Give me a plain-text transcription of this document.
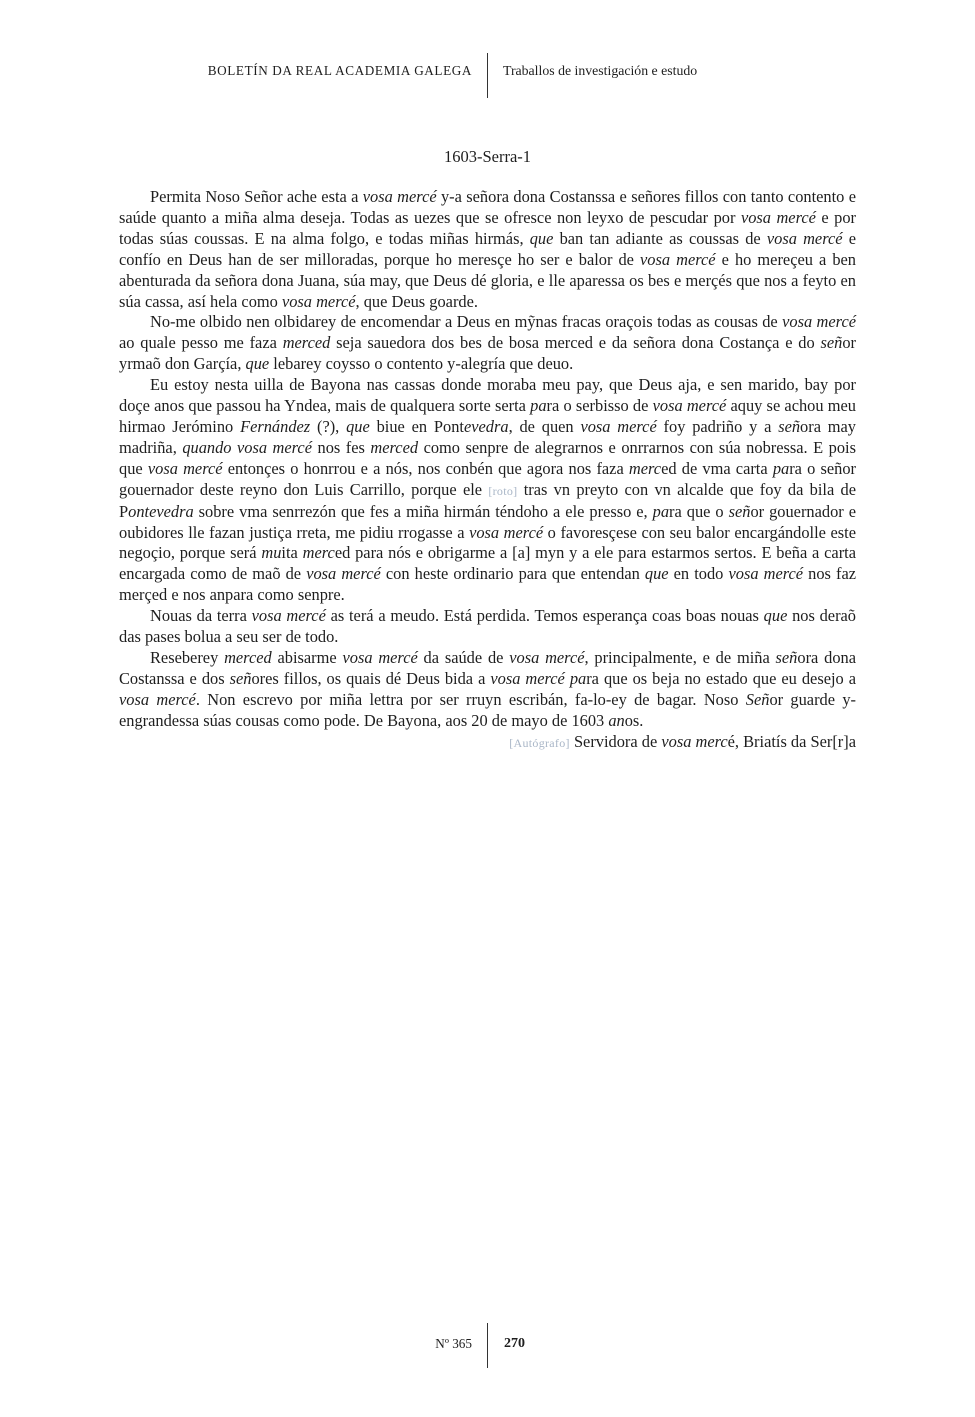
BOLETÍN DA REAL ACADEMIA GALEGA Traballos de investigación e estudo
1603-Serra-1

Permita Noso Señor ache esta a vosa mercé y-a señora dona Costanssa e señores fillos con tanto contento e saúde quanto a miña alma deseja. Todas as uezes que se ofresce non leyxo de pescudar por vosa mercé e por todas súas coussas. E na alma folgo, e todas miñas hirmás, que ban tan adiante as coussas de vosa mercé e confío en Deus han de ser milloradas, porque ho meresçe ho ser e balor de vosa mercé e ho mereçeu a ben abenturada da señora dona Juana, súa may, que Deus dé gloria, e lle aparessa os bes e merçés que nos a feyto en súa cassa, así hela como vosa mercé, que Deus goarde.

No-me olbido nen olbidarey de encomendar a Deus en mỹnas fracas oraçois todas as cousas de vosa mercé ao quale pesso me faza merced seja sauedora dos bes de bosa merced e da señora dona Costança e do señor yrmaõ don Garçía, que lebarey coysso o contento y-alegría que deuo.

Eu estoy nesta uilla de Bayona nas cassas donde moraba meu pay, que Deus aja, e sen marido, bay por doçe anos que passou ha Yndea, mais de qualquera sorte serta para o serbisso de vosa mercé aquy se achou meu hirmao Jerómino Fernández (?), que biue en Pontevedra, de quen vosa mercé foy padriño y a señora may madriña, quando vosa mercé nos fes merced como senpre de alegrarnos e onrrarnos con súa nobressa. E pois que vosa mercé entonçes o honrrou e a nós, nos conbén que agora nos faza merced de vma carta para o señor gouernador deste reyno don Luis Carrillo, porque ele [roto] tras vn preyto con vn alcalde que foy da bila de Pontevedra sobre vma senrrezón que fes a miña hirmán téndoho a ele presso e, para que o señor gouernador e oubidores lle fazan justiça rreta, me pidiu rrogasse a vosa mercé o favoresçese con seu balor encargándolle este negoçio, porque será muita merced para nós e obrigarme a [a] myn y a ele para estarmos sertos. E beña a carta encargada como de maõ de vosa mercé con heste ordinario para que entendan que en todo vosa mercé nos faz merçed e nos anpara como senpre.

Nouas da terra vosa mercé as terá a meudo. Está perdida. Temos esperança coas boas nouas que nos deraõ das pases bolua a seu ser de todo.

Reseberey merced abisarme vosa mercé da saúde de vosa mercé, principalmente, e de miña señora dona Costanssa e dos señores fillos, os quais dé Deus bida a vosa mercé para que os beja no estado que eu desejo a vosa mercé. Non escrevo por miña lettra por ser rruyn escribán, fa-lo-ey de bagar. Noso Señor guarde y-engrandessa súas cousas como pode. De Bayona, aos 20 de mayo de 1603 anos.

[Autógrafo] Servidora de vosa mercé, Briatís da Ser[r]a

Nº 365 270
